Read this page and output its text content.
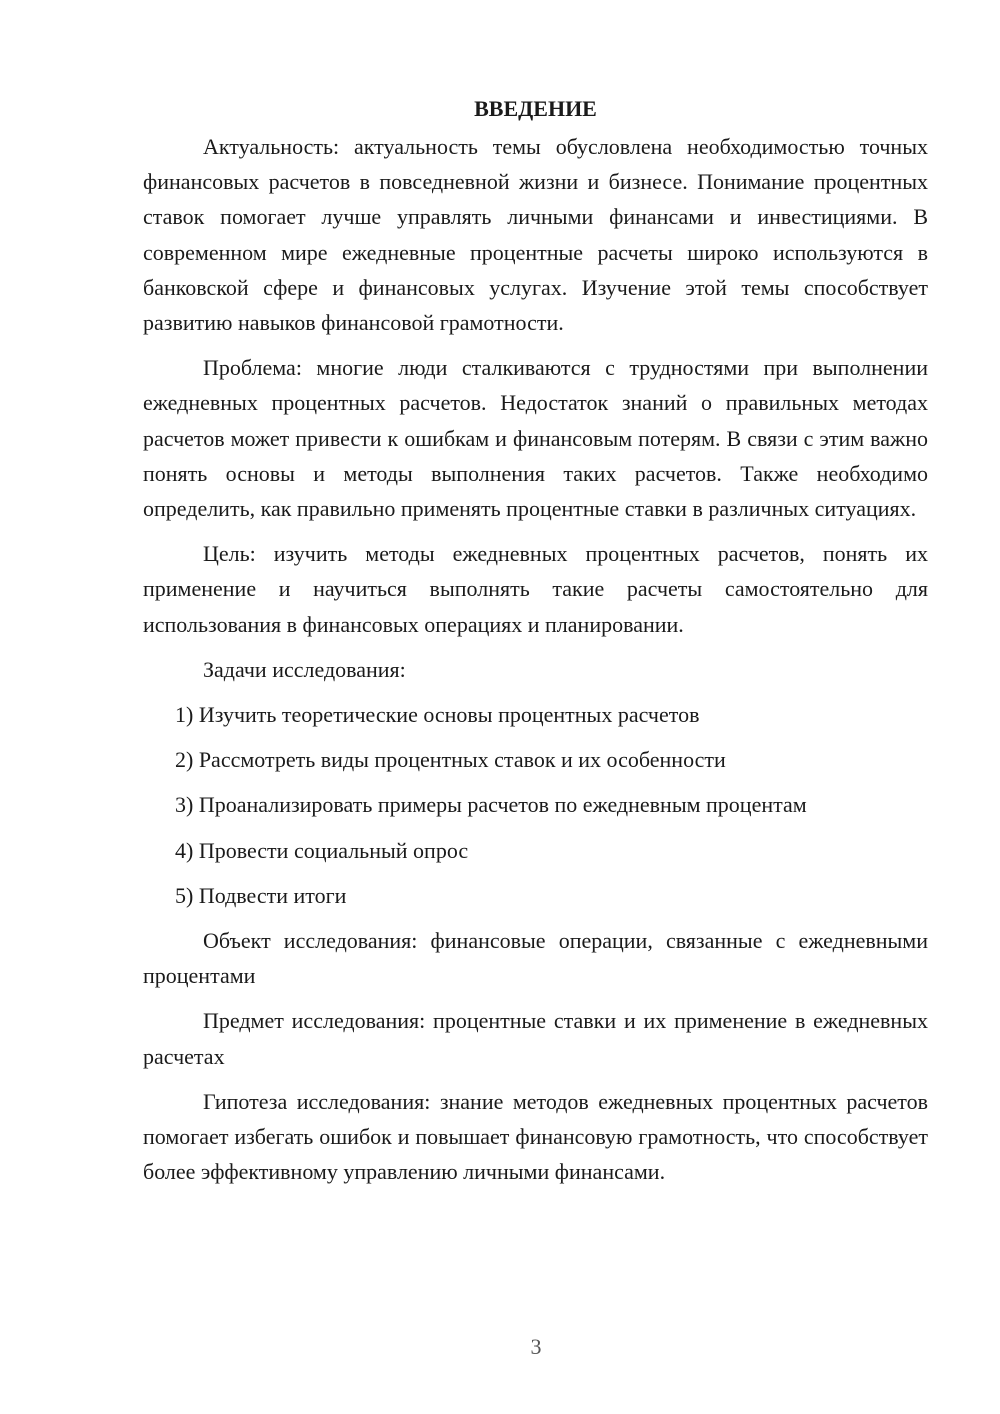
ВВЕДЕНИЕ

Актуальность: актуальность темы обусловлена необходимостью точных финансовых расчетов в повседневной жизни и бизнесе. Понимание процентных ставок помогает лучше управлять личными финансами и инвестициями. В современном мире ежедневные процентные расчеты широко используются в банковской сфере и финансовых услугах. Изучение этой темы способствует развитию навыков финансовой грамотности.

Проблема: многие люди сталкиваются с трудностями при выполнении ежедневных процентных расчетов. Недостаток знаний о правильных методах расчетов может привести к ошибкам и финансовым потерям. В связи с этим важно понять основы и методы выполнения таких расчетов. Также необходимо определить, как правильно применять процентные ставки в различных ситуациях.

Цель: изучить методы ежедневных процентных расчетов, понять их применение и научиться выполнять такие расчеты самостоятельно для использования в финансовых операциях и планировании.

Задачи исследования:

1) Изучить теоретические основы процентных расчетов
2) Рассмотреть виды процентных ставок и их особенности
3) Проанализировать примеры расчетов по ежедневным процентам
4) Провести социальный опрос
5) Подвести итоги

Объект исследования: финансовые операции, связанные с ежедневными процентами

Предмет исследования: процентные ставки и их применение в ежедневных расчетах

Гипотеза исследования: знание методов ежедневных процентных расчетов помогает избегать ошибок и повышает финансовую грамотность, что способствует более эффективному управлению личными финансами.

3
